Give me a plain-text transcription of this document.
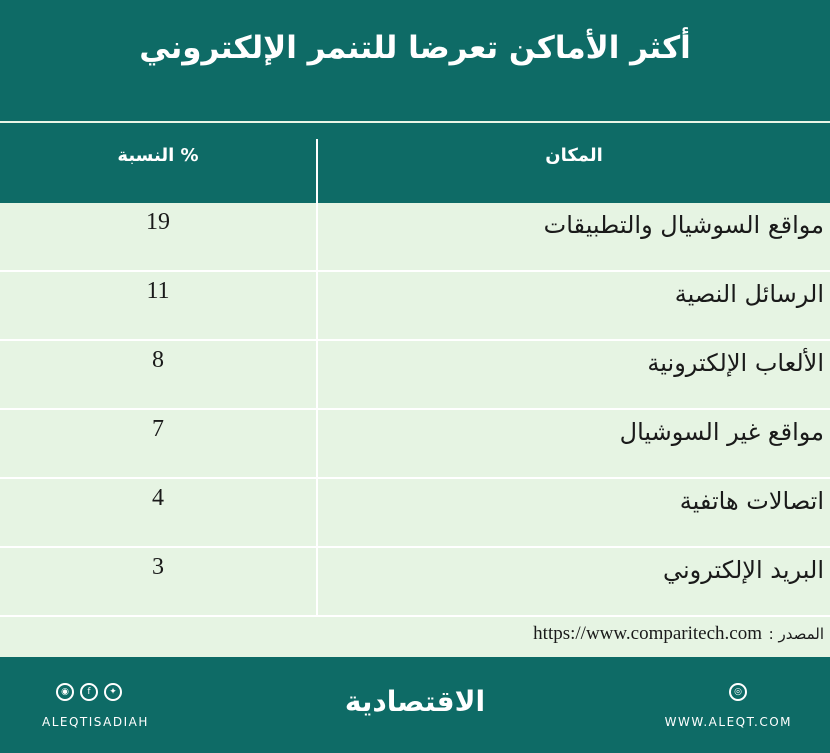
أكثر الأماكن تعرضا للتنمر الإلكتروني
النسبة %	المكان
19	مواقع السوشيال والتطبيقات
11	الرسائل النصية
8	الألعاب الإلكترونية
7	مواقع غير السوشيال
4	اتصالات هاتفية
3	البريد الإلكتروني
المصدر :
https://www.comparitech.com
◉	f	✦
ALEQTISADIAH
الاقتصادية	◎
WWW.ALEQT.COM
